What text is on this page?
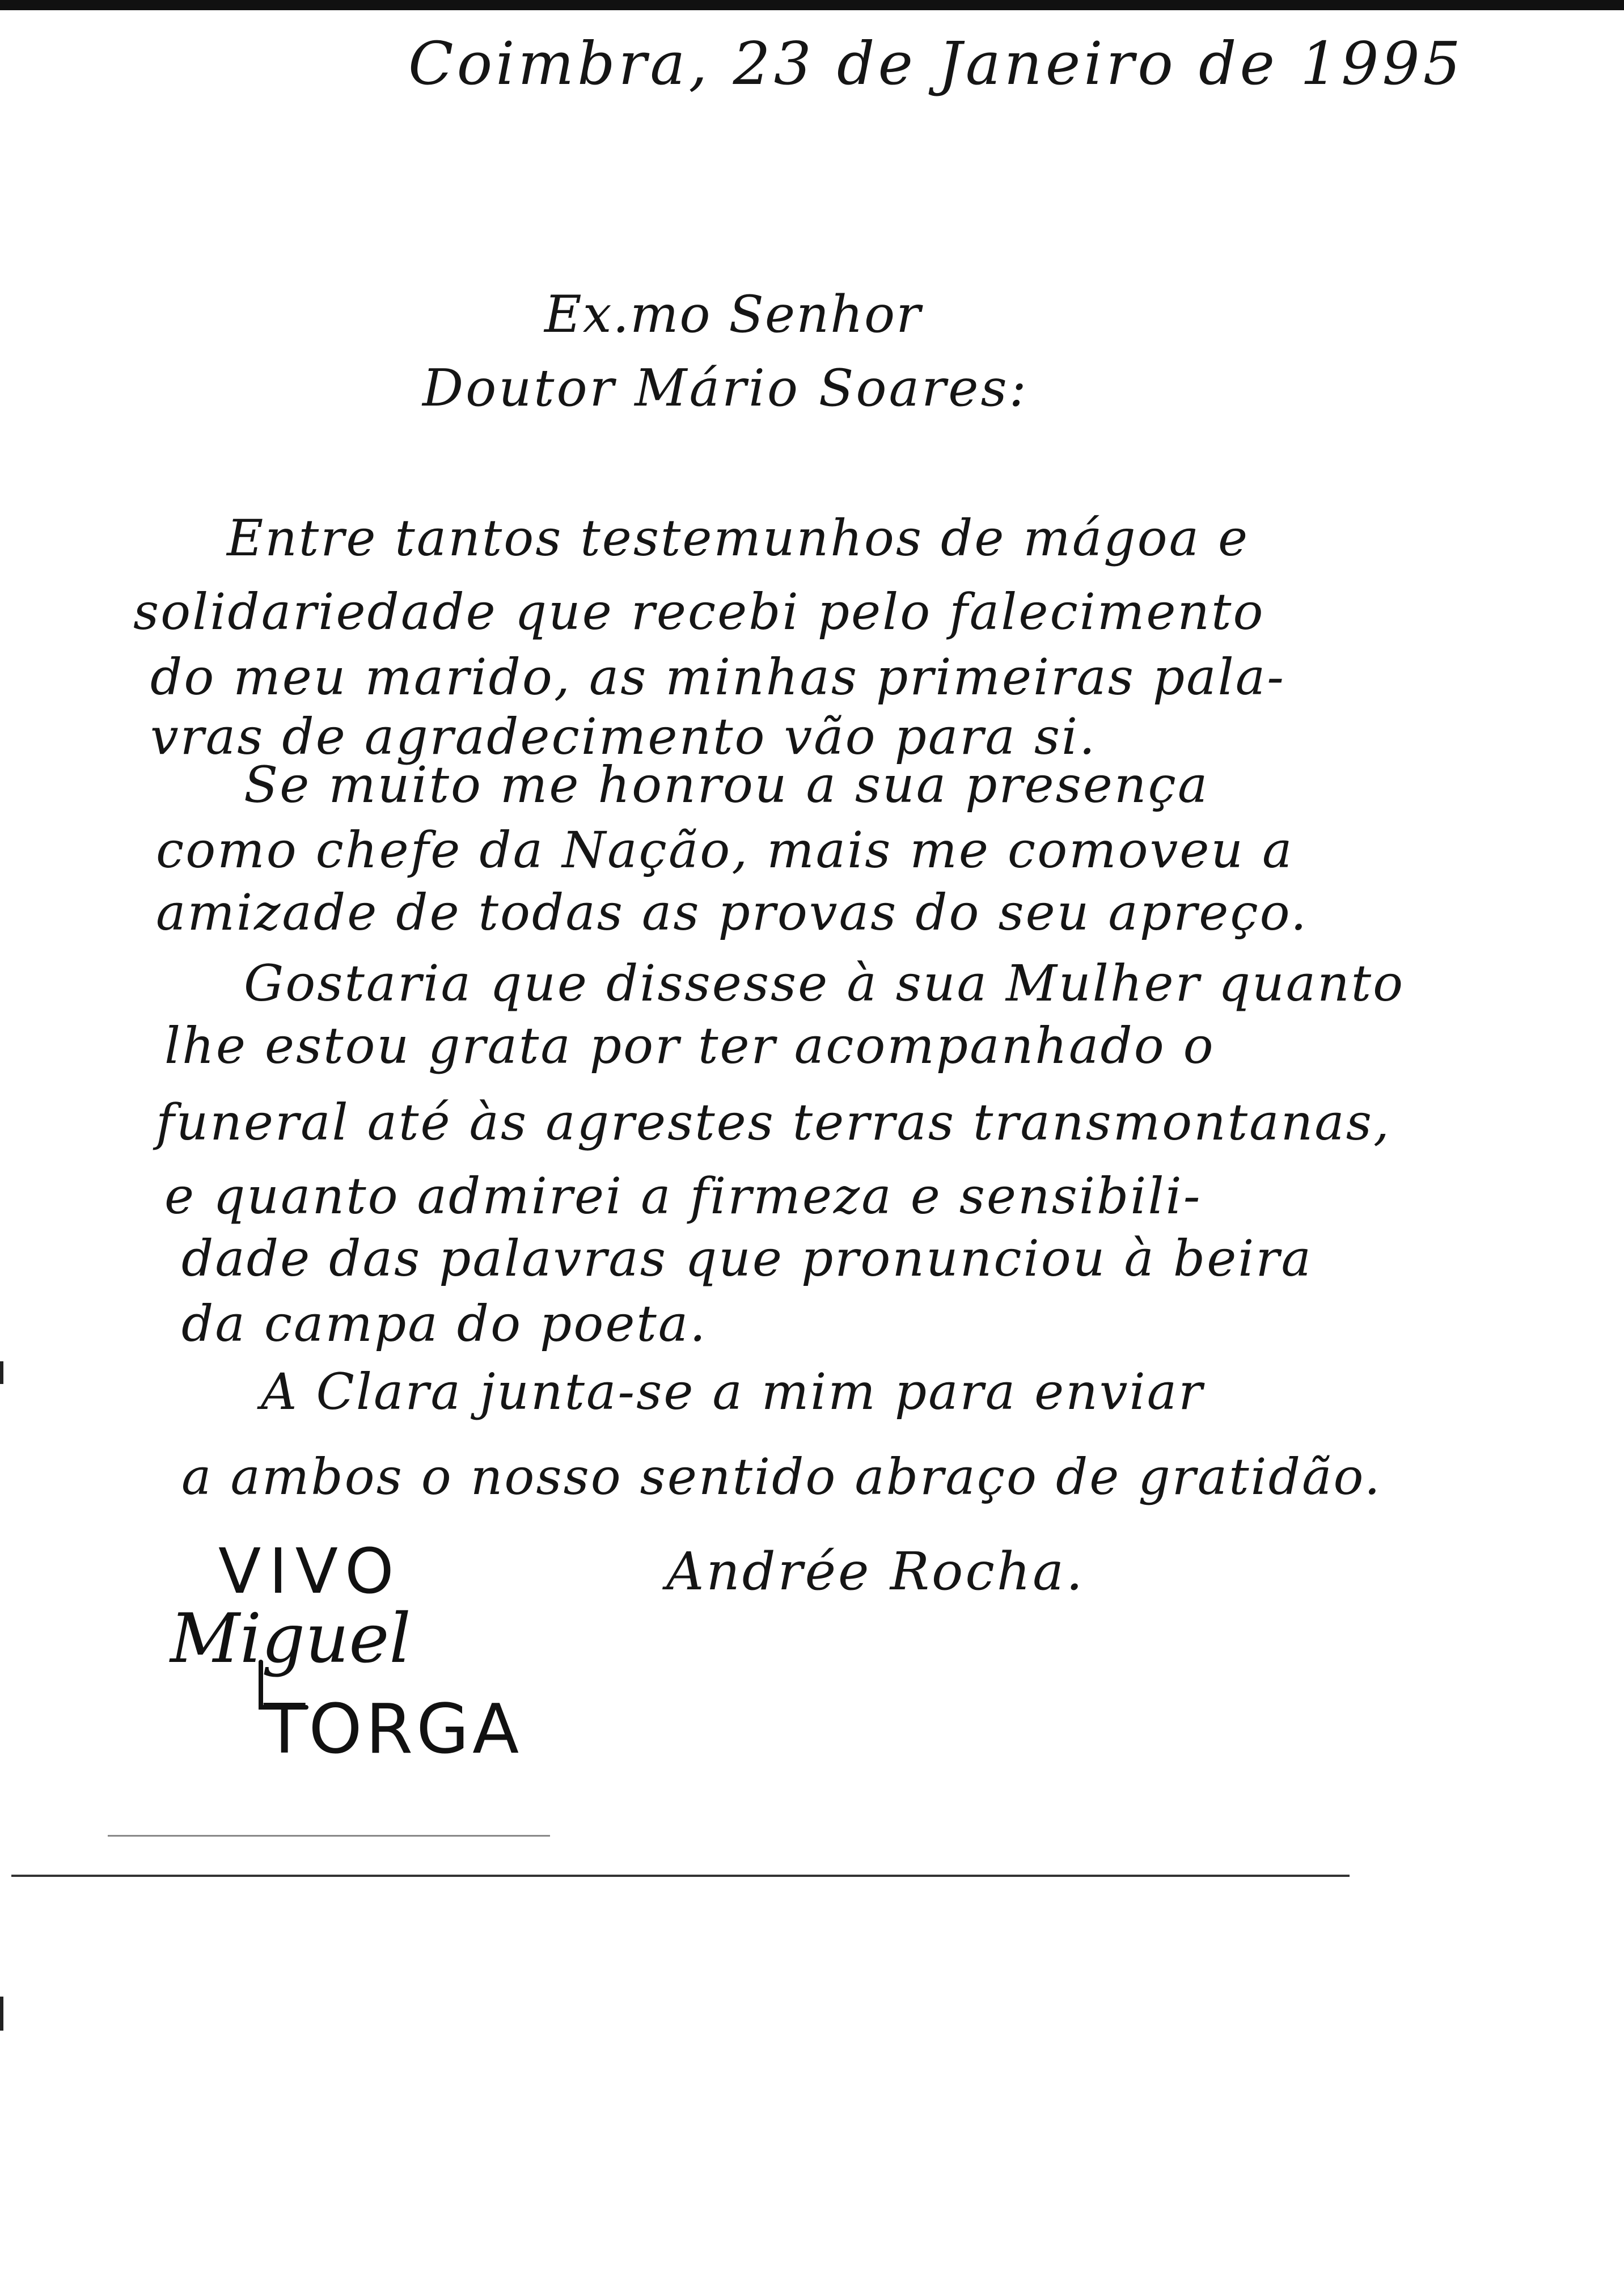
Coimbra, 23 de Janeiro de 1995
Ex.mo Senhor
Doutor Mário Soares:
Entre tantos testemunhos de mágoa e
solidariedade que recebi pelo falecimento
do meu marido, as minhas primeiras pala-
vras de agradecimento vão para si.
Se muito me honrou a sua presença
como chefe da Nação, mais me comoveu a
amizade de todas as provas do seu apreço.
Gostaria que dissesse à sua Mulher quanto
lhe estou grata por ter acompanhado o
funeral até às agrestes terras transmontanas,
e quanto admirei a firmeza e sensibili-
dade das palavras que pronunciou à beira
da campa do poeta.
A Clara junta-se a mim para enviar
a ambos o nosso sentido abraço de gratidão.
Andrée Rocha.
VIVO
Miguel
TORGA
